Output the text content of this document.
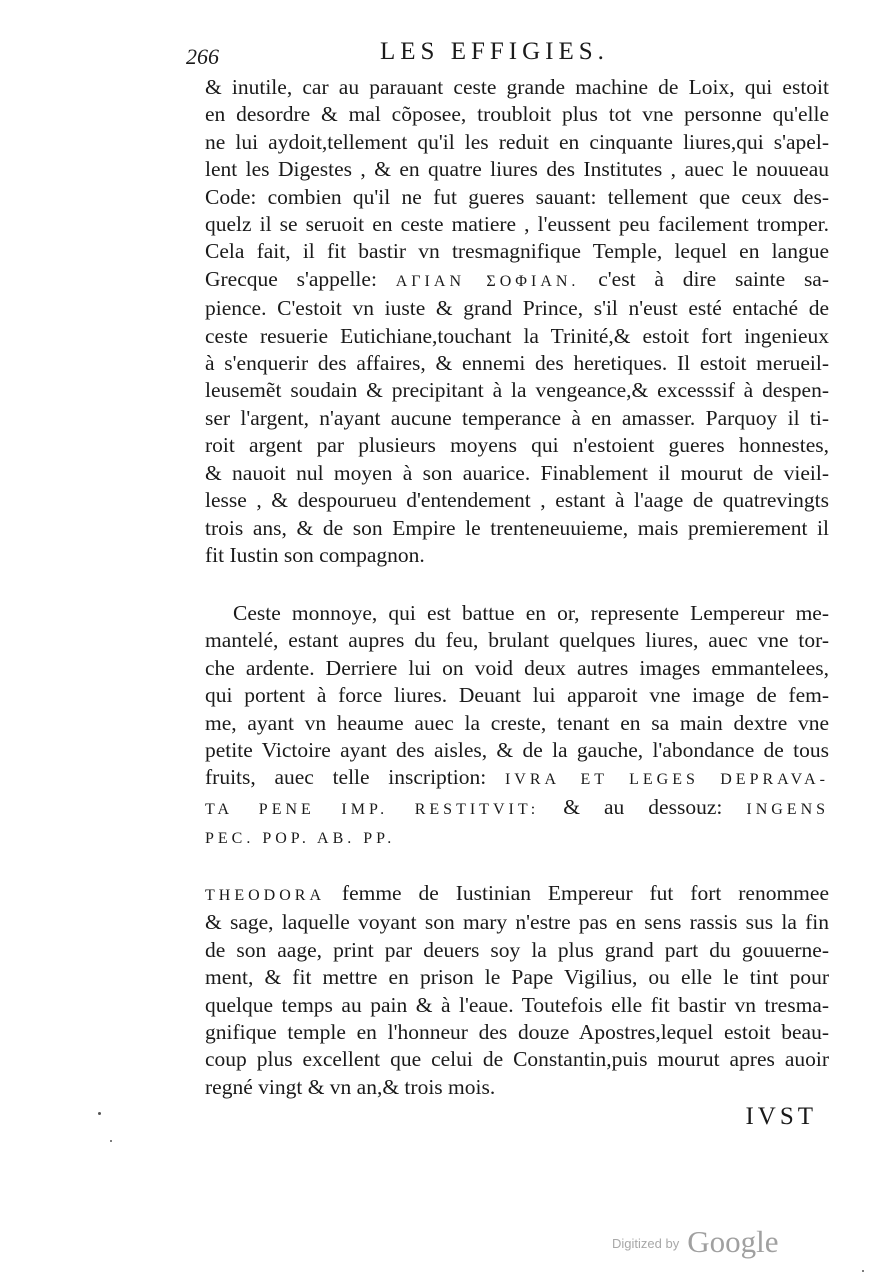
266	LES EFFIGIES.
& inutile, car au parauant ceste grande machine de Loix, qui estoit
en desordre & mal cõposee, troubloit plus tot vne personne qu'elle
ne lui aydoit,tellement qu'il les reduit en cinquante liures,qui s'apel-
lent les Digestes , & en quatre liures des Institutes , auec le nouueau
Code: combien qu'il ne fut gueres sauant: tellement que ceux des-
quelz il se seruoit en ceste matiere , l'eussent peu facilement tromper.
Cela fait, il fit bastir vn tresmagnifique Temple, lequel en langue
Grecque s'appelle: ΑΓΙΑΝ ΣΟΦΙΑΝ. c'est à dire sainte sa-
pience. C'estoit vn iuste & grand Prince, s'il n'eust esté entaché de
ceste resuerie Eutichiane,touchant la Trinité,& estoit fort ingenieux
à s'enquerir des affaires, & ennemi des heretiques. Il estoit merueil-
leusemẽt soudain & precipitant à la vengeance,& excesssif à despen-
ser l'argent, n'ayant aucune temperance à en amasser. Parquoy il ti-
roit argent par plusieurs moyens qui n'estoient gueres honnestes,
& nauoit nul moyen à son auarice. Finablement il mourut de vieil-
lesse , & despourueu d'entendement , estant à l'aage de quatrevingts
trois ans, & de son Empire le trenteneuuieme, mais premierement il
fit Iustin son compagnon.
Ceste monnoye, qui est battue en or, represente Lempereur me-
mantelé, estant aupres du feu, brulant quelques liures, auec vne tor-
che ardente. Derriere lui on void deux autres images emmantelees,
qui portent à force liures. Deuant lui apparoit vne image de fem-
me, ayant vn heaume auec la creste, tenant en sa main dextre vne
petite Victoire ayant des aisles, & de la gauche, l'abondance de tous
fruits, auec telle inscription: IVRA ET LEGES DEPRAVA-
TA PENE IMP. RESTITVIT: & au dessouz: INGENS
PEC. POP. AB. PP.
THEODORA femme de Iustinian Empereur fut fort renommee
& sage, laquelle voyant son mary n'estre pas en sens rassis sus la fin
de son aage, print par deuers soy la plus grand part du gouuerne-
ment, & fit mettre en prison le Pape Vigilius, ou elle le tint pour
quelque temps au pain & à l'eaue. Toutefois elle fit bastir vn tresma-
gnifique temple en l'honneur des douze Apostres,lequel estoit beau-
coup plus excellent que celui de Constantin,puis mourut apres auoir
regné vingt & vn an,& trois mois.
IVST
$^{Digitized by}$ Google
